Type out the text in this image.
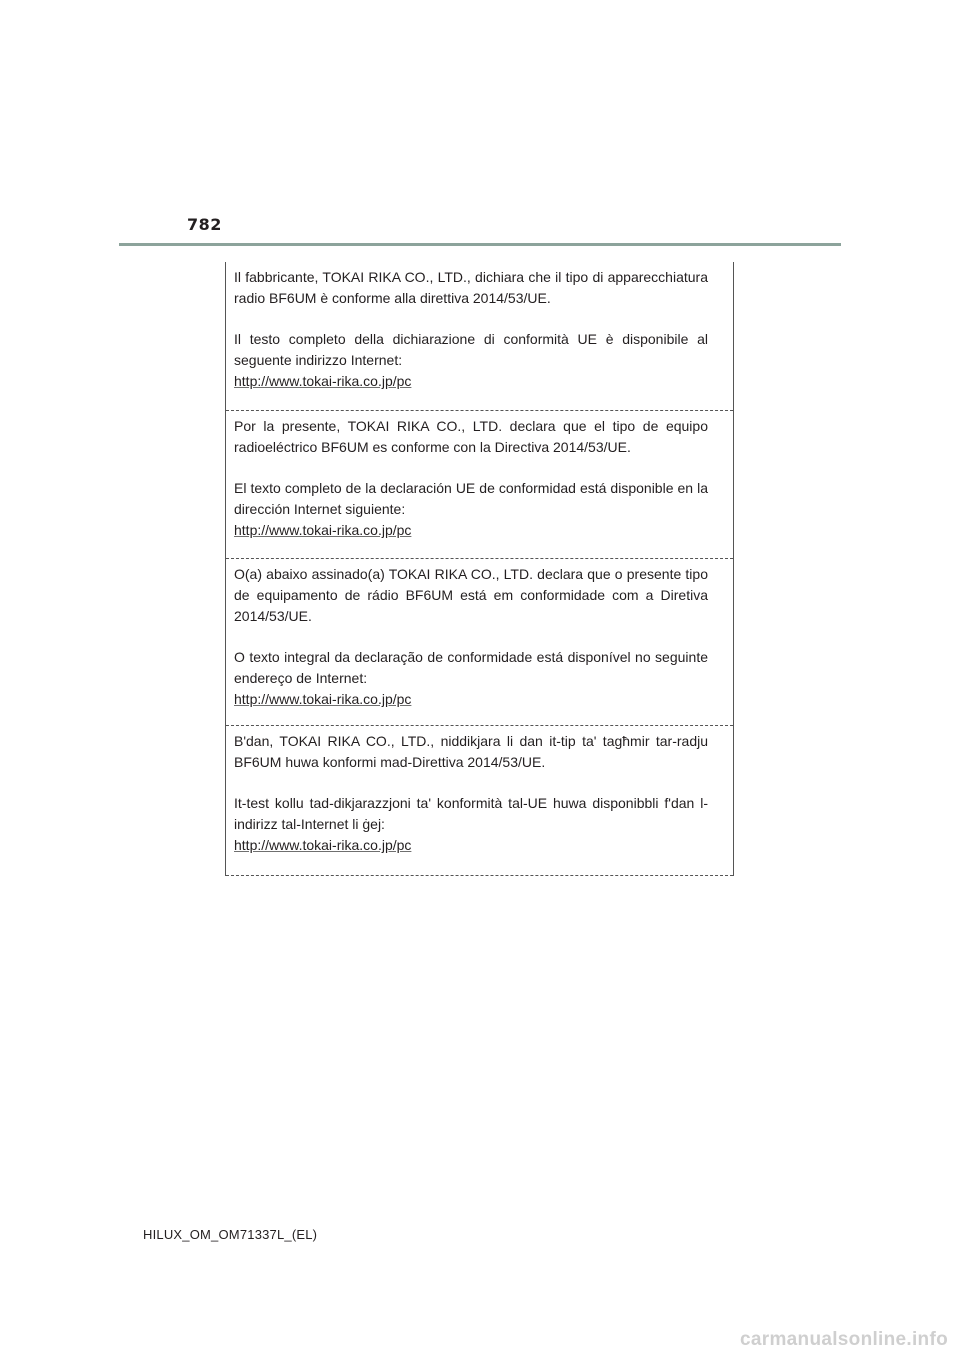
782

Il fabbricante, TOKAI RIKA CO., LTD., dichiara che il tipo di apparecchiatura radio BF6UM è conforme alla direttiva 2014/53/UE.

Il testo completo della dichiarazione di conformità UE è disponibile al seguente indirizzo Internet:

http://www.tokai-rika.co.jp/pc

Por la presente, TOKAI RIKA CO., LTD. declara que el tipo de equipo radioeléctrico BF6UM es conforme con la Directiva 2014/53/UE.

El texto completo de la declaración UE de conformidad está disponible en la dirección Internet siguiente:

http://www.tokai-rika.co.jp/pc

O(a) abaixo assinado(a) TOKAI RIKA CO., LTD. declara que o presente tipo de equipamento de rádio BF6UM está em conformidade com a Diretiva 2014/53/UE.

O texto integral da declaração de conformidade está disponível no seguinte endereço de Internet:

http://www.tokai-rika.co.jp/pc

B'dan, TOKAI RIKA CO., LTD., niddikjara li dan it-tip ta' tagħmir tar-radju BF6UM huwa konformi mad-Direttiva 2014/53/UE.

It-test kollu tad-dikjarazzjoni ta' konformità tal-UE huwa disponibbli f'dan l-indirizz tal-Internet li ġej:

http://www.tokai-rika.co.jp/pc
HILUX_OM_OM71337L_(EL)
carmanualsonline.info
